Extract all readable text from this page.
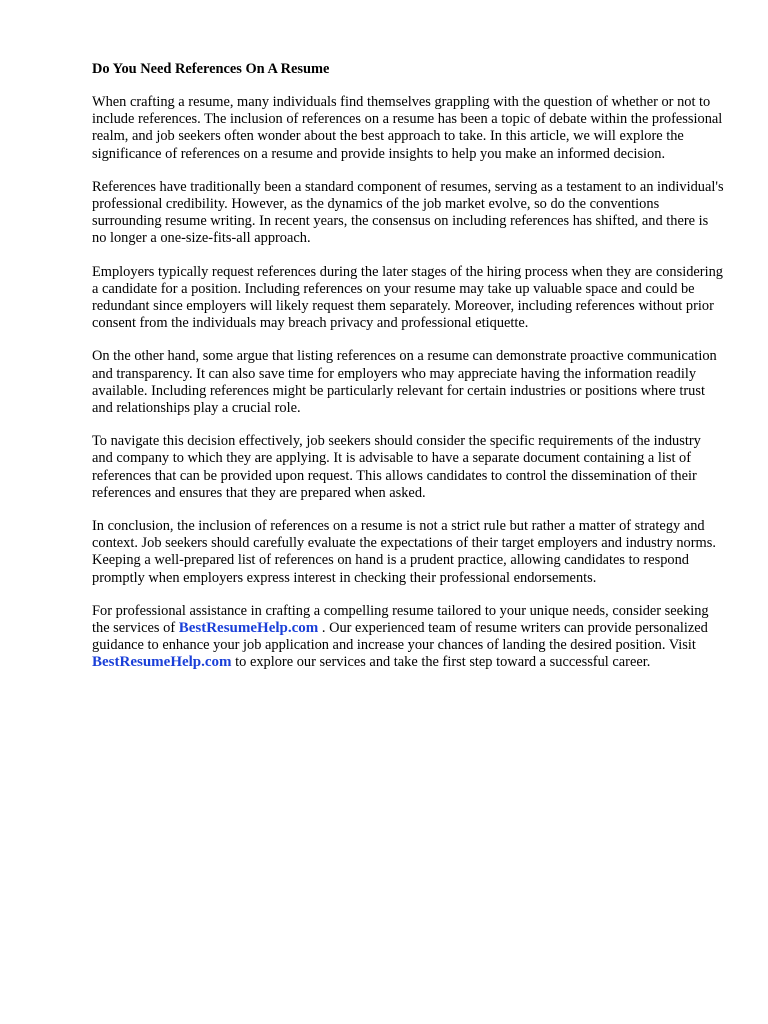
Do You Need References On A Resume

When crafting a resume, many individuals find themselves grappling with the question of whether or not to include references. The inclusion of references on a resume has been a topic of debate within the professional realm, and job seekers often wonder about the best approach to take. In this article, we will explore the significance of references on a resume and provide insights to help you make an informed decision.

References have traditionally been a standard component of resumes, serving as a testament to an individual's professional credibility. However, as the dynamics of the job market evolve, so do the conventions surrounding resume writing. In recent years, the consensus on including references has shifted, and there is no longer a one-size-fits-all approach.

Employers typically request references during the later stages of the hiring process when they are considering a candidate for a position. Including references on your resume may take up valuable space and could be redundant since employers will likely request them separately. Moreover, including references without prior consent from the individuals may breach privacy and professional etiquette.

On the other hand, some argue that listing references on a resume can demonstrate proactive communication and transparency. It can also save time for employers who may appreciate having the information readily available. Including references might be particularly relevant for certain industries or positions where trust and relationships play a crucial role.

To navigate this decision effectively, job seekers should consider the specific requirements of the industry and company to which they are applying. It is advisable to have a separate document containing a list of references that can be provided upon request. This allows candidates to control the dissemination of their references and ensures that they are prepared when asked.

In conclusion, the inclusion of references on a resume is not a strict rule but rather a matter of strategy and context. Job seekers should carefully evaluate the expectations of their target employers and industry norms. Keeping a well-prepared list of references on hand is a prudent practice, allowing candidates to respond promptly when employers express interest in checking their professional endorsements.

For professional assistance in crafting a compelling resume tailored to your unique needs, consider seeking the services of BestResumeHelp.com . Our experienced team of resume writers can provide personalized guidance to enhance your job application and increase your chances of landing the desired position. Visit BestResumeHelp.com to explore our services and take the first step toward a successful career.
